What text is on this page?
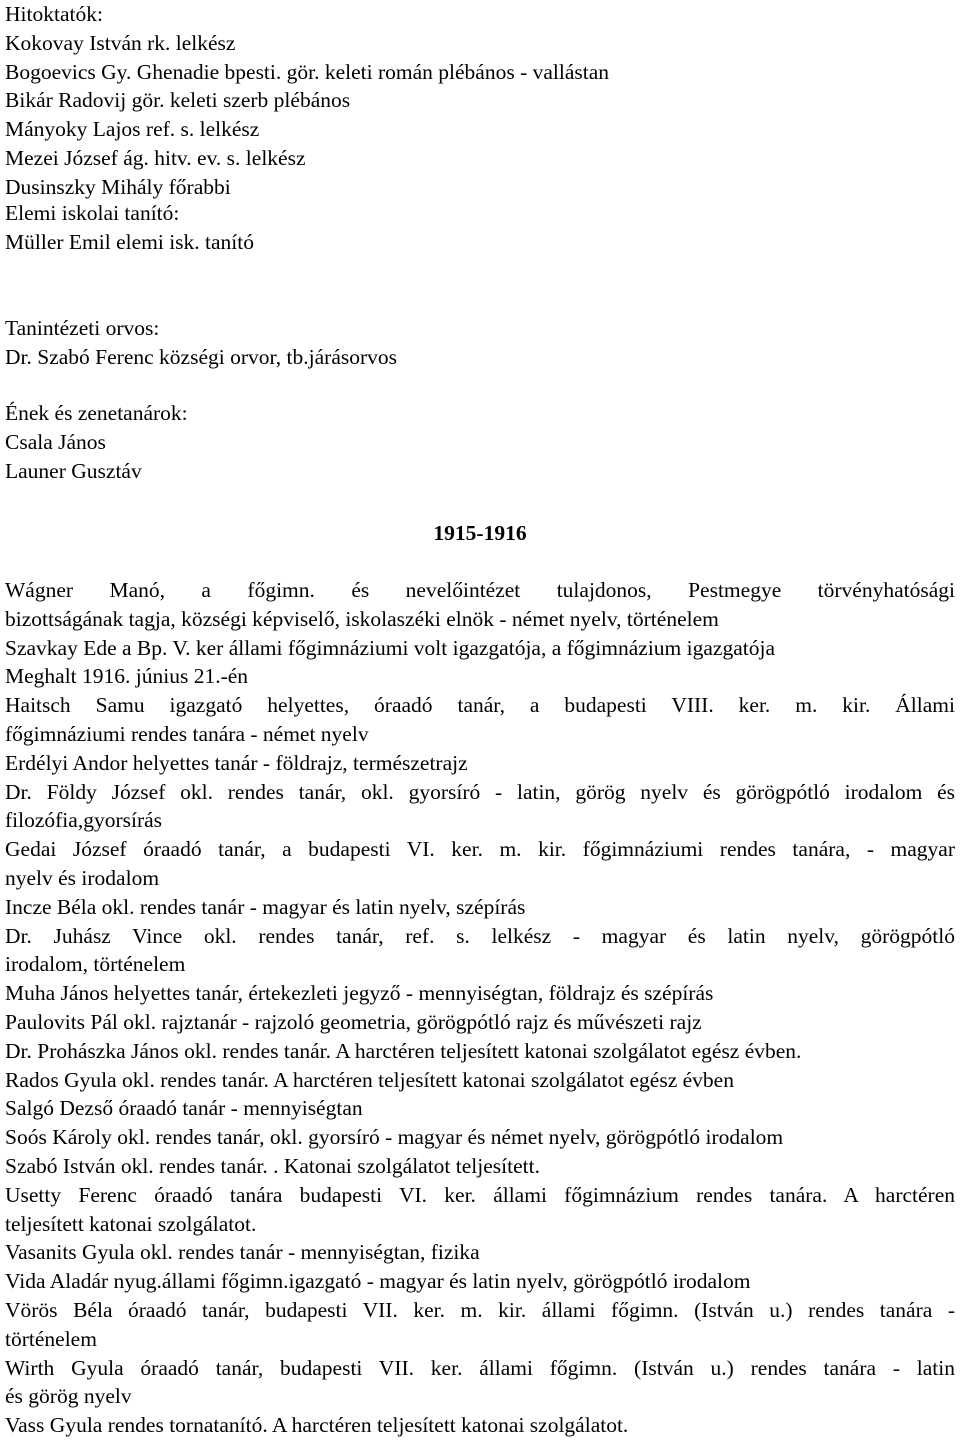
Hitoktatók:
Kokovay István rk. lelkész
Bogoevics Gy. Ghenadie bpesti. gör. keleti román plébános - vallástan
Bikár Radovij gör. keleti szerb plébános
Mányoky Lajos ref. s. lelkész
Mezei József ág. hitv. ev. s. lelkész
Dusinszky Mihály főrabbi
Elemi iskolai tanító:
Müller Emil elemi isk. tanító
Tanintézeti orvos:
Dr. Szabó Ferenc községi orvor, tb.járásorvos
Ének és zenetanárok:
Csala János
Launer Gusztáv
1915-1916
Wágner Manó, a főgimn. és nevelőintézet tulajdonos, Pestmegye törvényhatósági
bizottságának tagja, községi képviselő, iskolaszéki elnök - német nyelv, történelem
Szavkay Ede a Bp. V. ker állami főgimnáziumi volt igazgatója, a főgimnázium igazgatója
Meghalt 1916. június 21.-én
Haitsch Samu igazgató helyettes, óraadó tanár, a budapesti VIII. ker. m. kir. Állami
főgimnáziumi rendes tanára - német nyelv
Erdélyi Andor helyettes tanár - földrajz, természetrajz
Dr. Földy József okl. rendes tanár, okl. gyorsíró - latin, görög nyelv és görögpótló irodalom és
filozófia,gyorsírás
Gedai József óraadó tanár, a budapesti VI. ker. m. kir. főgimnáziumi rendes tanára, - magyar
nyelv és irodalom
Incze Béla okl. rendes tanár - magyar és latin nyelv, szépírás
Dr. Juhász Vince okl. rendes tanár, ref. s. lelkész - magyar és latin nyelv, görögpótló
irodalom, történelem
Muha János helyettes tanár, értekezleti jegyző - mennyiségtan, földrajz és szépírás
Paulovits Pál okl. rajztanár - rajzoló geometria, görögpótló rajz és művészeti rajz
Dr. Prohászka János okl. rendes tanár. A harctéren teljesített katonai szolgálatot egész évben.
Rados Gyula okl. rendes tanár. A harctéren teljesített katonai szolgálatot egész évben
Salgó Dezső óraadó tanár - mennyiségtan
Soós Károly okl. rendes tanár, okl. gyorsíró - magyar és német nyelv, görögpótló irodalom
Szabó István okl. rendes tanár. . Katonai szolgálatot teljesített.
Usetty Ferenc óraadó tanára budapesti VI. ker. állami főgimnázium rendes tanára. A harctéren
teljesített katonai szolgálatot.
Vasanits Gyula okl. rendes tanár - mennyiségtan, fizika
Vida Aladár nyug.állami főgimn.igazgató - magyar és latin nyelv, görögpótló irodalom
Vörös Béla óraadó tanár, budapesti VII. ker. m. kir. állami főgimn. (István u.) rendes tanára -
történelem
Wirth Gyula óraadó tanár, budapesti VII. ker. állami főgimn. (István u.) rendes tanára - latin
és görög nyelv
Vass Gyula rendes tornatanító. A harctéren teljesített katonai szolgálatot.
